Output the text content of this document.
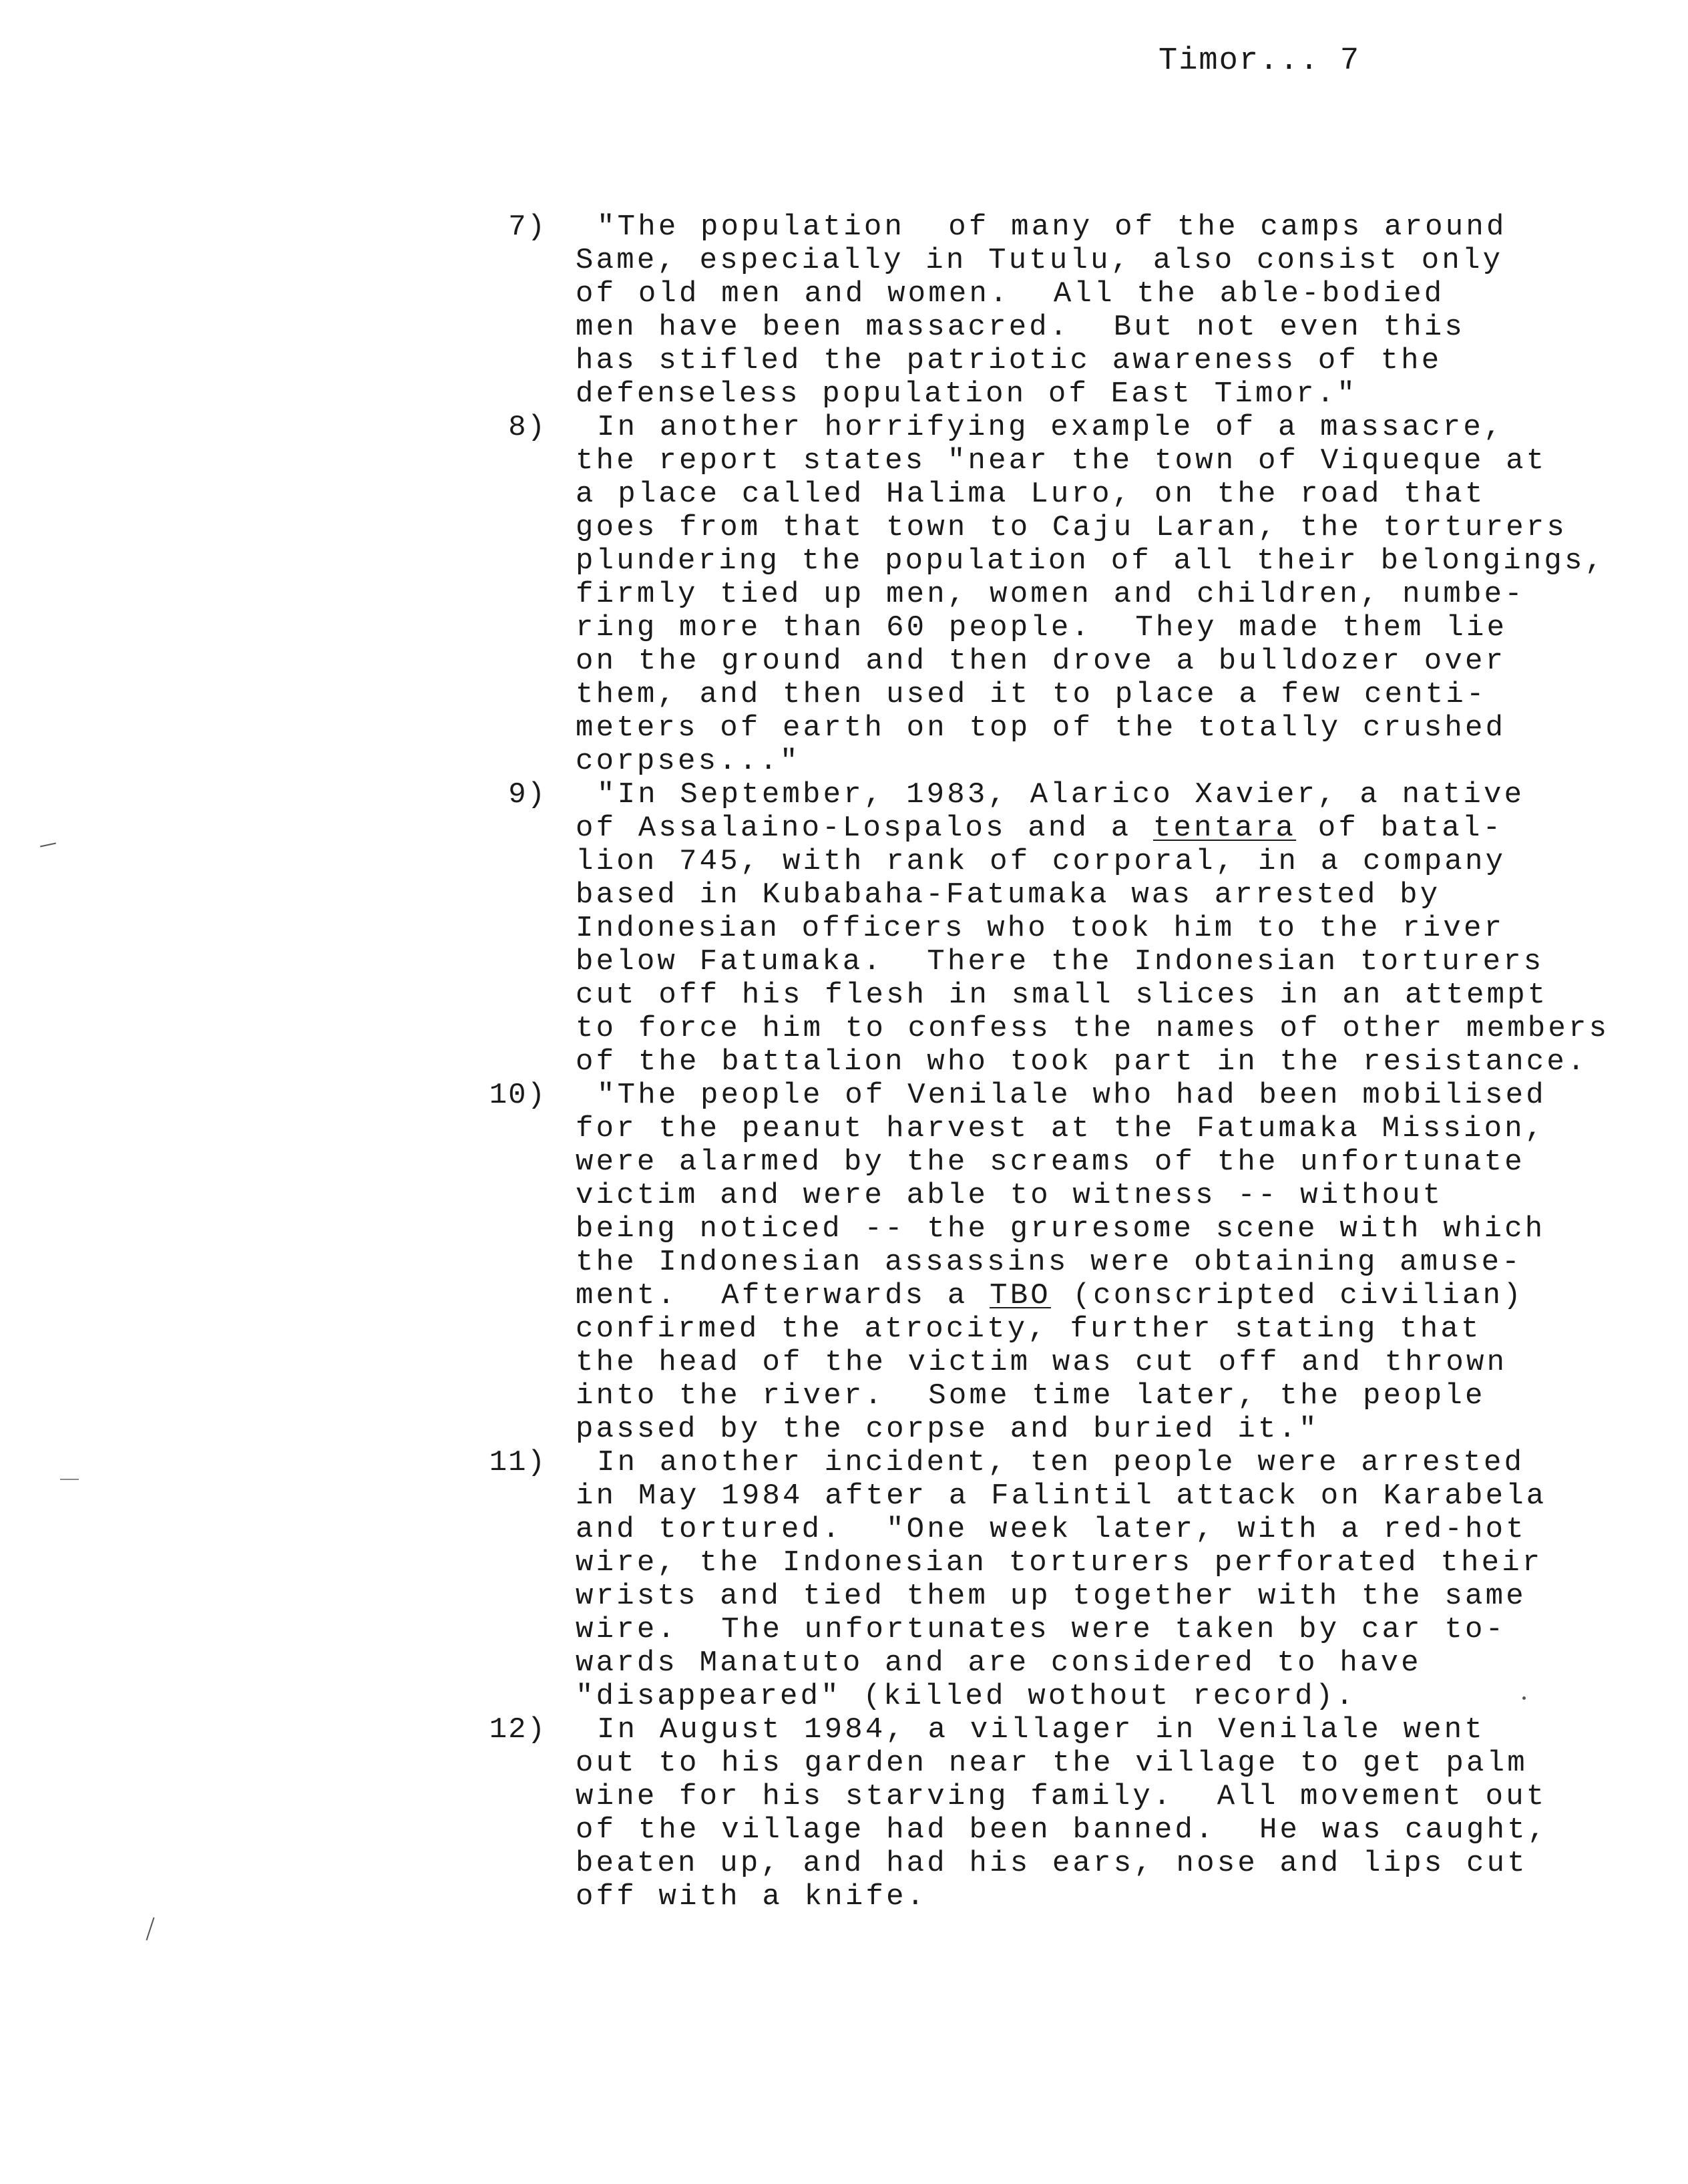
Timor... 7
7)	"The population  of many of the camps around
Same, especially in Tutulu, also consist only
of old men and women.  All the able-bodied
men have been massacred.  But not even this
has stifled the patriotic awareness of the
defenseless population of East Timor."
8)	In another horrifying example of a massacre,
the report states "near the town of Viqueque at
a place called Halima Luro, on the road that
goes from that town to Caju Laran, the torturers
plundering the population of all their belongings,
firmly tied up men, women and children, numbe-
ring more than 60 people.  They made them lie
on the ground and then drove a bulldozer over
them, and then used it to place a few centi-
meters of earth on top of the totally crushed
corpses..."
9)	"In September, 1983, Alarico Xavier, a native
of Assalaino-Lospalos and a tentara of batal-
lion 745, with rank of corporal, in a company
based in Kubabaha-Fatumaka was arrested by
Indonesian officers who took him to the river
below Fatumaka.  There the Indonesian torturers
cut off his flesh in small slices in an attempt
to force him to confess the names of other members
of the battalion who took part in the resistance.
10)	"The people of Venilale who had been mobilised
for the peanut harvest at the Fatumaka Mission,
were alarmed by the screams of the unfortunate
victim and were able to witness -- without
being noticed -- the gruresome scene with which
the Indonesian assassins were obtaining amuse-
ment.  Afterwards a TBO (conscripted civilian)
confirmed the atrocity, further stating that
the head of the victim was cut off and thrown
into the river.  Some time later, the people
passed by the corpse and buried it."
11)	In another incident, ten people were arrested
in May 1984 after a Falintil attack on Karabela
and tortured.  "One week later, with a red-hot
wire, the Indonesian torturers perforated their
wrists and tied them up together with the same
wire.  The unfortunates were taken by car to-
wards Manatuto and are considered to have
"disappeared" (killed wothout record).
12)	In August 1984, a villager in Venilale went
out to his garden near the village to get palm
wine for his starving family.  All movement out
of the village had been banned.  He was caught,
beaten up, and had his ears, nose and lips cut
off with a knife.
